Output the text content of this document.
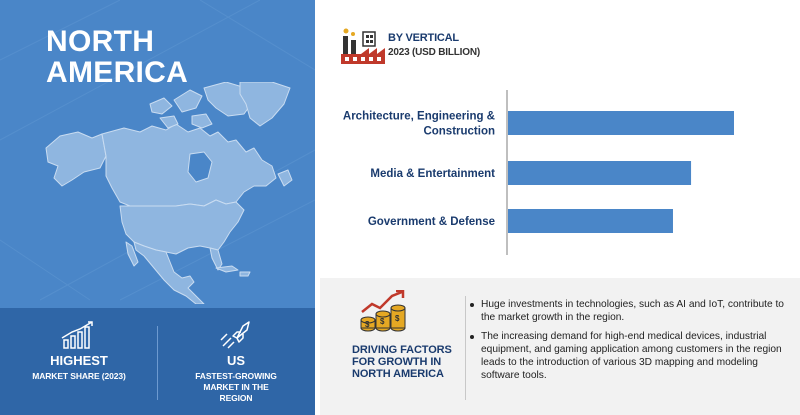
NORTH
AMERICA
HIGHEST
MARKET SHARE (2023)
US
FASTEST-GROWING MARKET IN THE REGION
BY VERTICAL
2023 (USD BILLION)
Architecture, Engineering &
Construction
Media & Entertainment
Government & Defense
$ $ $
DRIVING FACTORS
FOR GROWTH IN
NORTH AMERICA
Huge investments in technologies, such as AI and IoT, contribute to the market growth in the region.
The increasing demand for high-end medical devices, industrial equipment, and gaming application among customers in the region leads to the introduction of various 3D mapping and modeling software tools.
